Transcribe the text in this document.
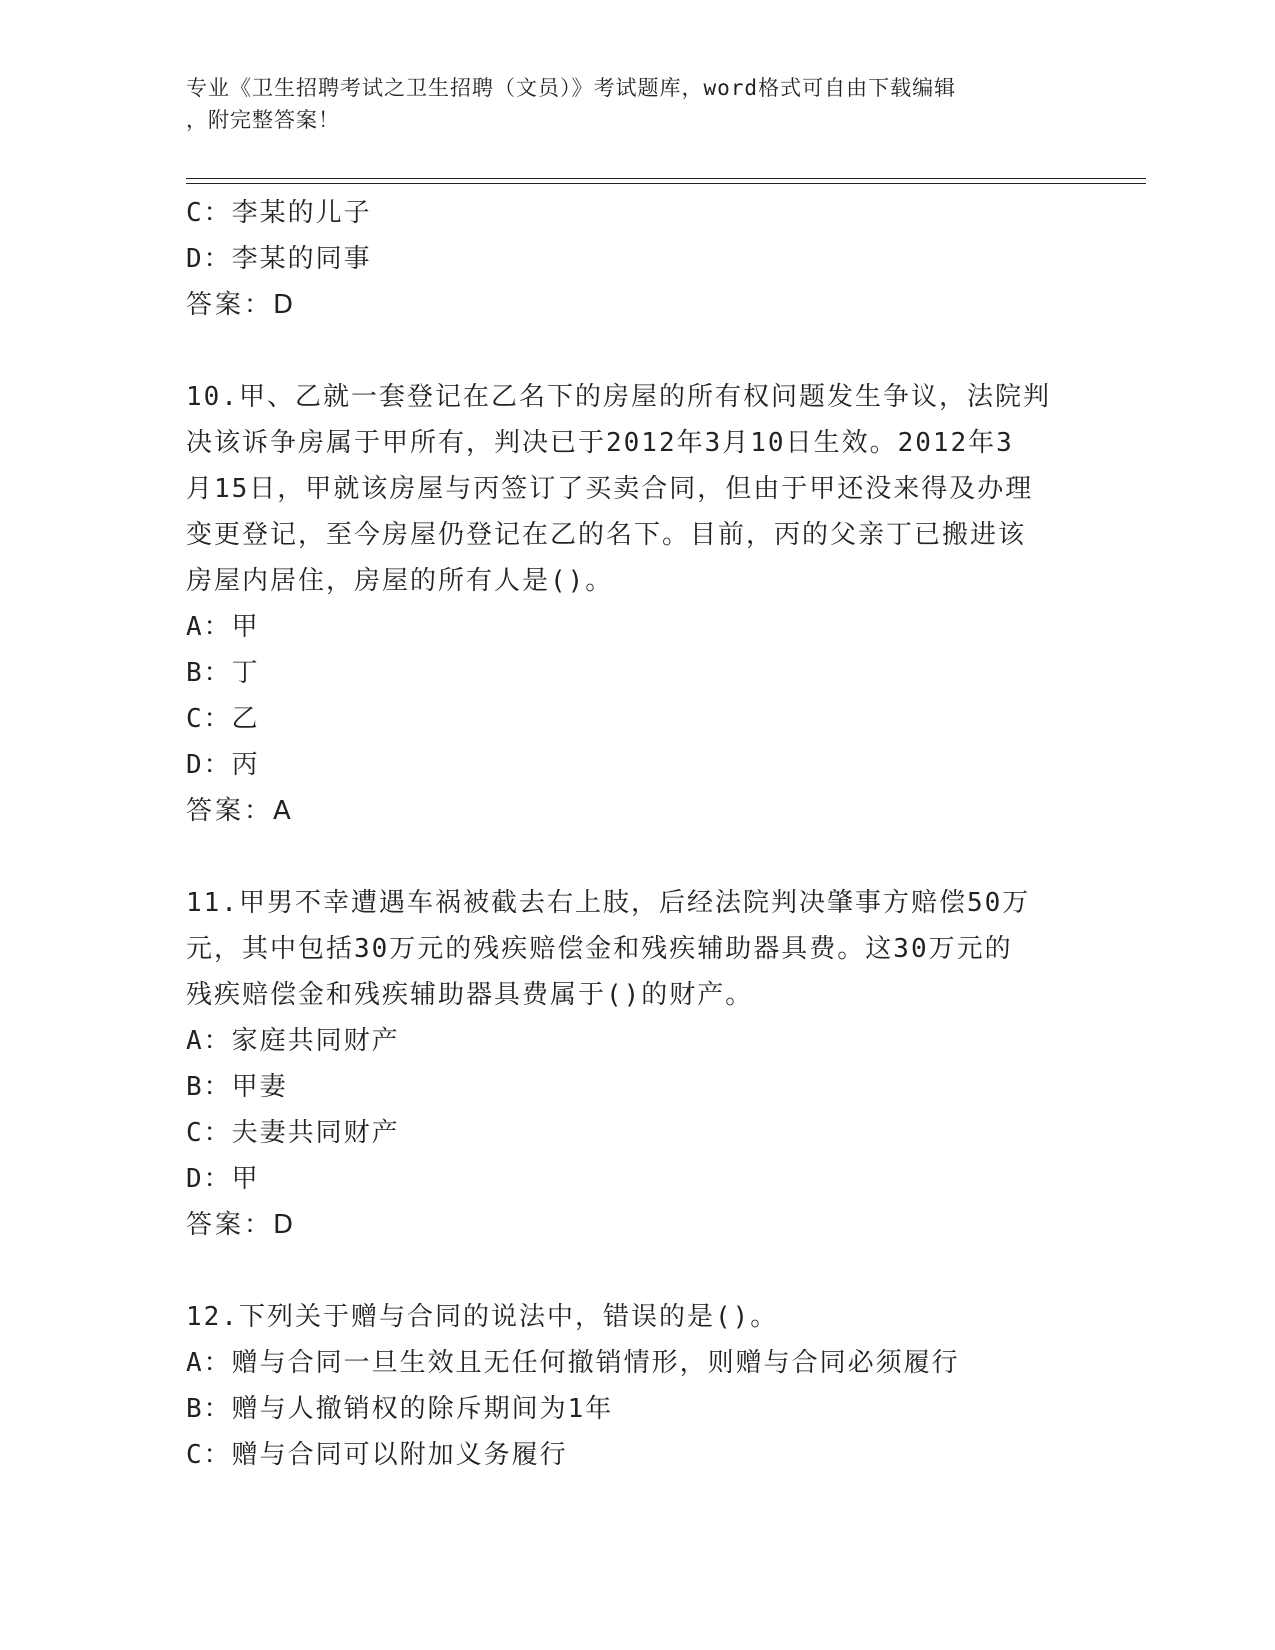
专业《卫生招聘考试之卫生招聘（文员）》考试题库，word格式可自由下载编辑
，附完整答案！
C：李某的儿子
D：李某的同事
答案：D
10.甲、乙就一套登记在乙名下的房屋的所有权问题发生争议，法院判
决该诉争房属于甲所有，判决已于2012年3月10日生效。2012年3
月15日，甲就该房屋与丙签订了买卖合同，但由于甲还没来得及办理
变更登记，至今房屋仍登记在乙的名下。目前，丙的父亲丁已搬进该
房屋内居住，房屋的所有人是()。
A：甲
B：丁
C：乙
D：丙
答案：A
11.甲男不幸遭遇车祸被截去右上肢，后经法院判决肇事方赔偿50万
元，其中包括30万元的残疾赔偿金和残疾辅助器具费。这30万元的
残疾赔偿金和残疾辅助器具费属于()的财产。
A：家庭共同财产
B：甲妻
C：夫妻共同财产
D：甲
答案：D
12.下列关于赠与合同的说法中，错误的是()。
A：赠与合同一旦生效且无任何撤销情形，则赠与合同必须履行
B：赠与人撤销权的除斥期间为1年
C：赠与合同可以附加义务履行
